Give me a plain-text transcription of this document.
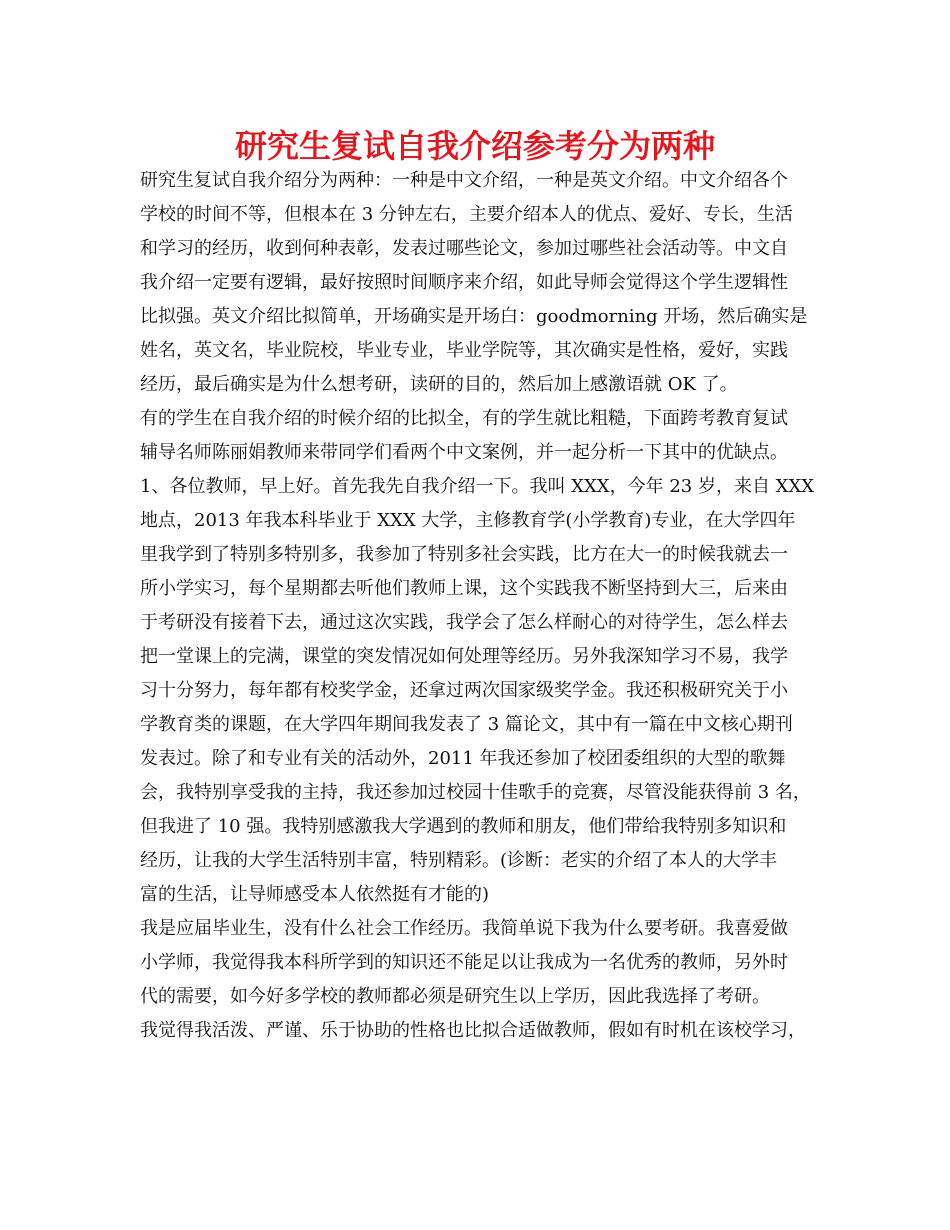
研究生复试自我介绍参考分为两种
研究生复试自我介绍分为两种：一种是中文介绍，一种是英文介绍。中文介绍各个
学校的时间不等，但根本在 3 分钟左右，主要介绍本人的优点、爱好、专长，生活
和学习的经历，收到何种表彰，发表过哪些论文，参加过哪些社会活动等。中文自
我介绍一定要有逻辑，最好按照时间顺序来介绍，如此导师会觉得这个学生逻辑性
比拟强。英文介绍比拟简单，开场确实是开场白：goodmorning 开场，然后确实是
姓名，英文名，毕业院校，毕业专业，毕业学院等，其次确实是性格，爱好，实践
经历，最后确实是为什么想考研，读研的目的，然后加上感激语就 OK 了。
有的学生在自我介绍的时候介绍的比拟全，有的学生就比粗糙，下面跨考教育复试
辅导名师陈丽娟教师来带同学们看两个中文案例，并一起分析一下其中的优缺点。
1、各位教师，早上好。首先我先自我介绍一下。我叫 XXX，今年 23 岁，来自 XXX
地点，2013 年我本科毕业于 XXX 大学，主修教育学(小学教育)专业，在大学四年
里我学到了特别多特别多，我参加了特别多社会实践，比方在大一的时候我就去一
所小学实习，每个星期都去听他们教师上课，这个实践我不断坚持到大三，后来由
于考研没有接着下去，通过这次实践，我学会了怎么样耐心的对待学生，怎么样去
把一堂课上的完满，课堂的突发情况如何处理等经历。另外我深知学习不易，我学
习十分努力，每年都有校奖学金，还拿过两次国家级奖学金。我还积极研究关于小
学教育类的课题，在大学四年期间我发表了 3 篇论文，其中有一篇在中文核心期刊
发表过。除了和专业有关的活动外，2011 年我还参加了校团委组织的大型的歌舞
会，我特别享受我的主持，我还参加过校园十佳歌手的竞赛，尽管没能获得前 3 名，
但我进了 10 强。我特别感激我大学遇到的教师和朋友，他们带给我特别多知识和
经历，让我的大学生活特别丰富，特别精彩。(诊断：老实的介绍了本人的大学丰
富的生活，让导师感受本人依然挺有才能的)
我是应届毕业生，没有什么社会工作经历。我简单说下我为什么要考研。我喜爱做
小学师，我觉得我本科所学到的知识还不能足以让我成为一名优秀的教师，另外时
代的需要，如今好多学校的教师都必须是研究生以上学历，因此我选择了考研。
我觉得我活泼、严谨、乐于协助的性格也比拟合适做教师，假如有时机在该校学习，
